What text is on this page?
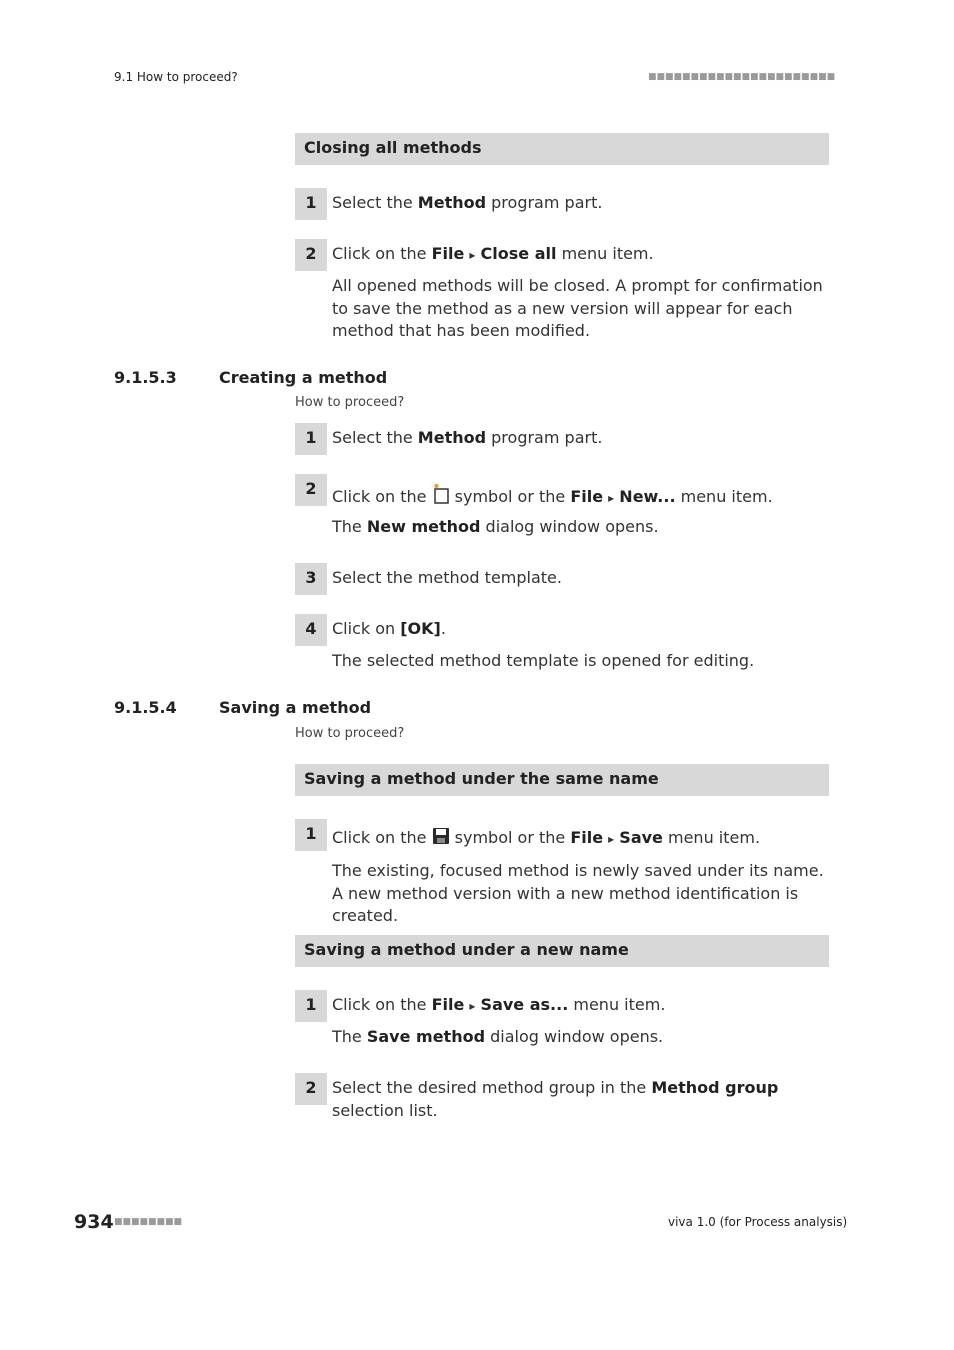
9.1 How to proceed?	■■■■■■■■■■■■■■■■■■■■■■
Closing all methods
1 Select the Method program part.
2 Click on the File ▸ Close all menu item.
All opened methods will be closed. A prompt for confirmation to save the method as a new version will appear for each method that has been modified.
9.1.5.3	Creating a method
How to proceed?
1 Select the Method program part.
2 Click on the  symbol or the File ▸ New... menu item.
The New method dialog window opens.
3 Select the method template.
4 Click on [OK].
The selected method template is opened for editing.
9.1.5.4	Saving a method
How to proceed?
Saving a method under the same name
1 Click on the  symbol or the File ▸ Save menu item.
The existing, focused method is newly saved under its name. A new method version with a new method identification is created.
Saving a method under a new name
1 Click on the File ▸ Save as... menu item.
The Save method dialog window opens.
2 Select the desired method group in the Method group selection list.
934 ■■■■■■■■	viva 1.0 (for Process analysis)
